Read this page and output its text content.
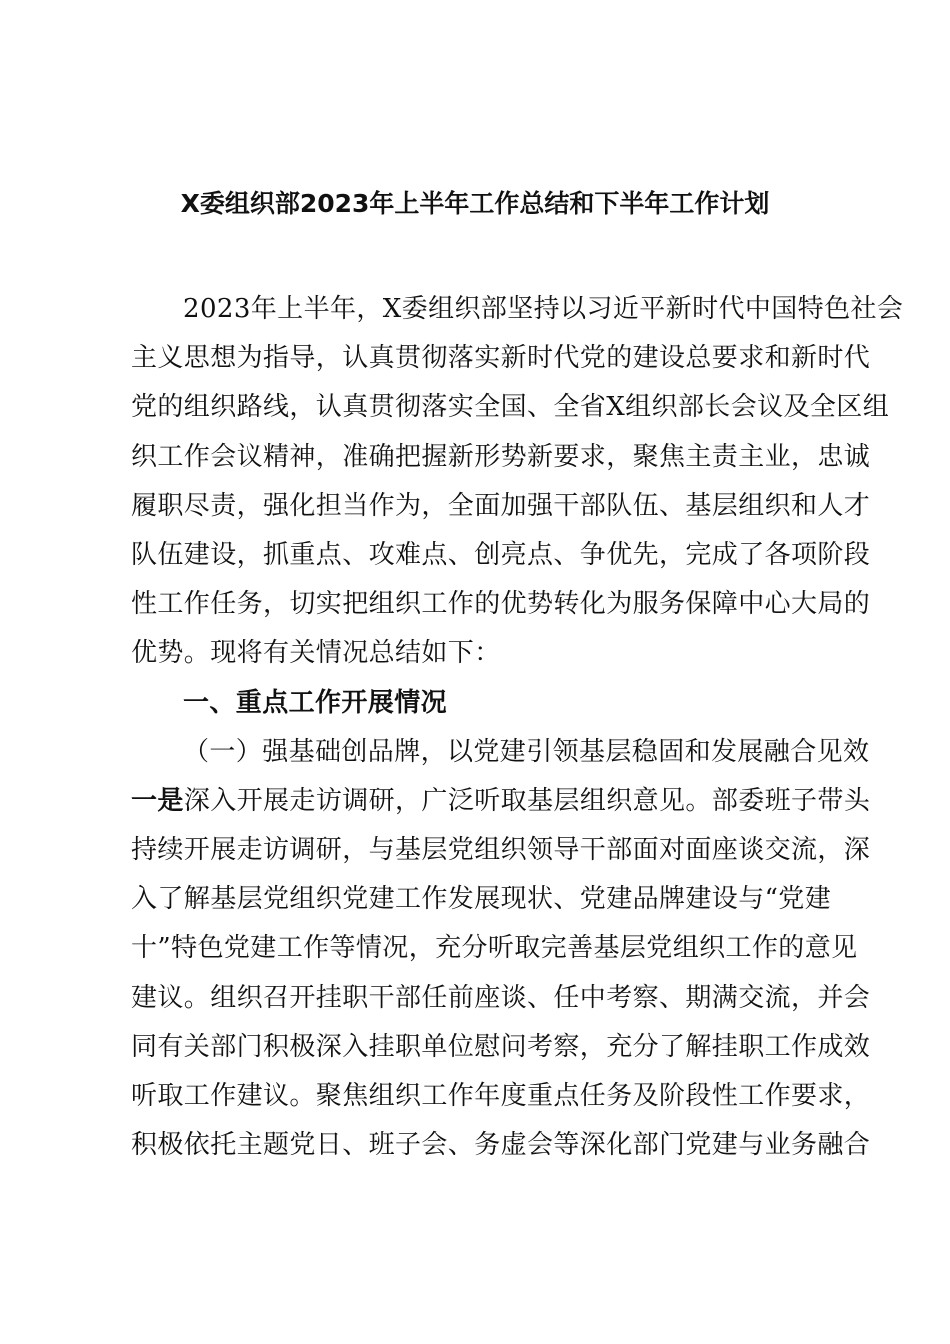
X委组织部2023年上半年工作总结和下半年工作计划
2023年上半年，X委组织部坚持以习近平新时代中国特色社会
主义思想为指导，认真贯彻落实新时代党的建设总要求和新时代
党的组织路线，认真贯彻落实全国、全省X组织部长会议及全区组
织工作会议精神，准确把握新形势新要求，聚焦主责主业，忠诚
履职尽责，强化担当作为，全面加强干部队伍、基层组织和人才
队伍建设，抓重点、攻难点、创亮点、争优先，完成了各项阶段
性工作任务，切实把组织工作的优势转化为服务保障中心大局的
优势。现将有关情况总结如下：
一、重点工作开展情况
（一）强基础创品牌，以党建引领基层稳固和发展融合见效
一是深入开展走访调研，广泛听取基层组织意见。部委班子带头
持续开展走访调研，与基层党组织领导干部面对面座谈交流，深
入了解基层党组织党建工作发展现状、党建品牌建设与“党建
十”特色党建工作等情况，充分听取完善基层党组织工作的意见
建议。组织召开挂职干部任前座谈、任中考察、期满交流，并会
同有关部门积极深入挂职单位慰问考察，充分了解挂职工作成效
听取工作建议。聚焦组织工作年度重点任务及阶段性工作要求，
积极依托主题党日、班子会、务虚会等深化部门党建与业务融合
